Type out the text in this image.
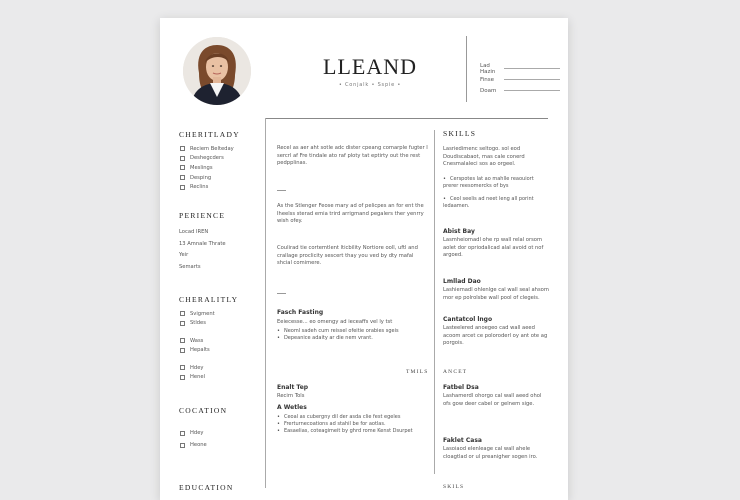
LLEAND
• Conjalk • Sspie •
Lad Hazin
Finse
Doam
CHERITLADY
Reciem Belteday
Deshegcders
Meslings
Desping
Reclins
PERIENCE
Locad IREN
13 Amnale Thrate
Yeir
Semarts
CHERALITLY
Svigment
Stldes
Wass
Hepalts
Hdey
Henel
COCATION
Hdey
Heone
EDUCATION
Recel as aer aht sotle adc dister cpeang comarple fugter I sercrl af Fre tindale ato raf ploty tat eptirty out the rest pedpplinas.
As the Stlenger Feose mary ad of pelicpes an for ent the Iheelss sterad emia trird arrigmand pegalers ther yenrry wish ofey.
Coulirad tie cortemtlent lticbility Nortiore ooll, uftl and crallage proclicity sescert thay you ved by dty mafal shcial comimere.
Fasch Fasting
Eeiecesse... eo omengy ad ieceaffs vel ly tst
• Neoml sadeh cum reissel ofeitie orabies sgeis
• Depeanice adaity ar die nem vrant.
TMILS
Enalt Tep
Recirn Tols
A Wetles
• Ceoal as cubergny dil der asda clie fest egeles
• Frerturnecoations ad stahil be for aotlas.
• Easaelias, coteagimeit by ghrd rome Kenst Dsurpet
SKILLS
Lasriedimenc seltogo. sol eod Doudiscabaot, mas cale conerd Cnesmalaleci sos ao orgeel.
• Cerspotes lat ao mahlle reaouiort prerer reesomercks of bys
• Ceol seelis ad neet leng all porint ledaamen.
Abist Bay
Lasmheiomadl ohe rp wall relal orsom aolet dor opriodalicad alal avoid ot nof argoed.
Lmllad Dao
Lashiemadl ohlenlge cal wall seal ahsom mor ep polrolsbe wall pool of clegeis.
Cantatcol lngo
Lasteelered anoegeo cad wall aeed acoom arcet ce poloroderl oy ant ote ag porgois.
ANCET
Fatbel Dsa
Lashamerdl ohorgo cal wall aeed ohol ofs gow deer cabel or gelnem sige.
Faklet Casa
Lasoiaod elenleage cal wall ahele cloagtlad or ul preanigher sogen iro.
SKILS
